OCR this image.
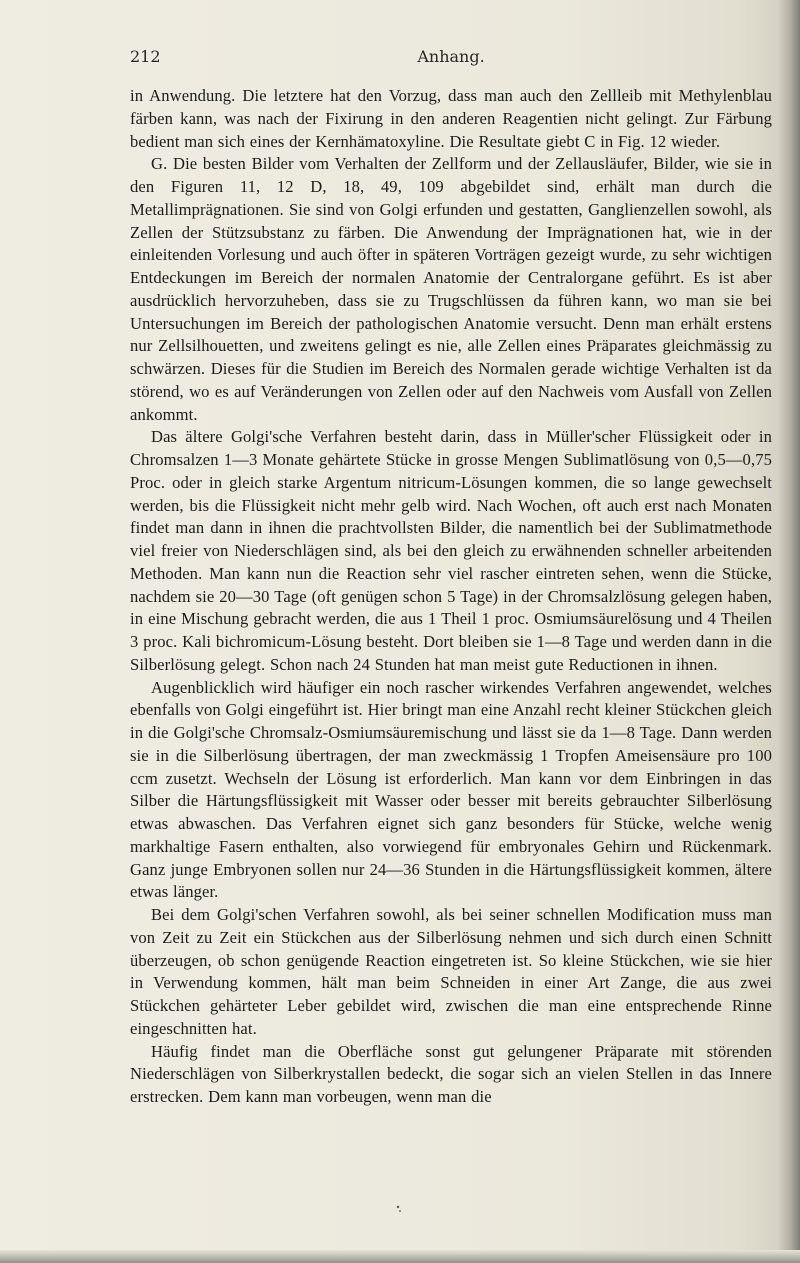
212	Anhang.

in Anwendung. Die letztere hat den Vorzug, dass man auch den Zellleib mit Methylenblau färben kann, was nach der Fixirung in den anderen Reagentien nicht gelingt. Zur Färbung bedient man sich eines der Kernhämatoxyline. Die Resultate giebt C in Fig. 12 wieder.

G. Die besten Bilder vom Verhalten der Zellform und der Zellausläufer, Bilder, wie sie in den Figuren 11, 12 D, 18, 49, 109 abgebildet sind, erhält man durch die Metallimprägnationen. Sie sind von Golgi erfunden und gestatten, Ganglienzellen sowohl, als Zellen der Stützsubstanz zu färben. Die Anwendung der Imprägnationen hat, wie in der einleitenden Vorlesung und auch öfter in späteren Vorträgen gezeigt wurde, zu sehr wichtigen Entdeckungen im Bereich der normalen Anatomie der Centralorgane geführt. Es ist aber ausdrücklich hervorzuheben, dass sie zu Trugschlüssen da führen kann, wo man sie bei Untersuchungen im Bereich der pathologischen Anatomie versucht. Denn man erhält erstens nur Zellsilhouetten, und zweitens gelingt es nie, alle Zellen eines Präparates gleichmässig zu schwärzen. Dieses für die Studien im Bereich des Normalen gerade wichtige Verhalten ist da störend, wo es auf Veränderungen von Zellen oder auf den Nachweis vom Ausfall von Zellen ankommt.

Das ältere Golgi'sche Verfahren besteht darin, dass in Müller'scher Flüssigkeit oder in Chromsalzen 1—3 Monate gehärtete Stücke in grosse Mengen Sublimatlösung von 0,5—0,75 Proc. oder in gleich starke Argentum nitricum-Lösungen kommen, die so lange gewechselt werden, bis die Flüssigkeit nicht mehr gelb wird. Nach Wochen, oft auch erst nach Monaten findet man dann in ihnen die prachtvollsten Bilder, die namentlich bei der Sublimatmethode viel freier von Niederschlägen sind, als bei den gleich zu erwähnenden schneller arbeitenden Methoden. Man kann nun die Reaction sehr viel rascher eintreten sehen, wenn die Stücke, nachdem sie 20—30 Tage (oft genügen schon 5 Tage) in der Chromsalzlösung gelegen haben, in eine Mischung gebracht werden, die aus 1 Theil 1 proc. Osmiumsäurelösung und 4 Theilen 3 proc. Kali bichromicum-Lösung besteht. Dort bleiben sie 1—8 Tage und werden dann in die Silberlösung gelegt. Schon nach 24 Stunden hat man meist gute Reductionen in ihnen.

Augenblicklich wird häufiger ein noch rascher wirkendes Verfahren angewendet, welches ebenfalls von Golgi eingeführt ist. Hier bringt man eine Anzahl recht kleiner Stückchen gleich in die Golgi'sche Chromsalz-Osmiumsäuremischung und lässt sie da 1—8 Tage. Dann werden sie in die Silberlösung übertragen, der man zweckmässig 1 Tropfen Ameisensäure pro 100 ccm zusetzt. Wechseln der Lösung ist erforderlich. Man kann vor dem Einbringen in das Silber die Härtungsflüssigkeit mit Wasser oder besser mit bereits gebrauchter Silberlösung etwas abwaschen. Das Verfahren eignet sich ganz besonders für Stücke, welche wenig markhaltige Fasern enthalten, also vorwiegend für embryonales Gehirn und Rückenmark. Ganz junge Embryonen sollen nur 24—36 Stunden in die Härtungsflüssigkeit kommen, ältere etwas länger.

Bei dem Golgi'schen Verfahren sowohl, als bei seiner schnellen Modification muss man von Zeit zu Zeit ein Stückchen aus der Silberlösung nehmen und sich durch einen Schnitt überzeugen, ob schon genügende Reaction eingetreten ist. So kleine Stückchen, wie sie hier in Verwendung kommen, hält man beim Schneiden in einer Art Zange, die aus zwei Stückchen gehärteter Leber gebildet wird, zwischen die man eine entsprechende Rinne eingeschnitten hat.

Häufig findet man die Oberfläche sonst gut gelungener Präparate mit störenden Niederschlägen von Silberkrystallen bedeckt, die sogar sich an vielen Stellen in das Innere erstrecken. Dem kann man vorbeugen, wenn man die
